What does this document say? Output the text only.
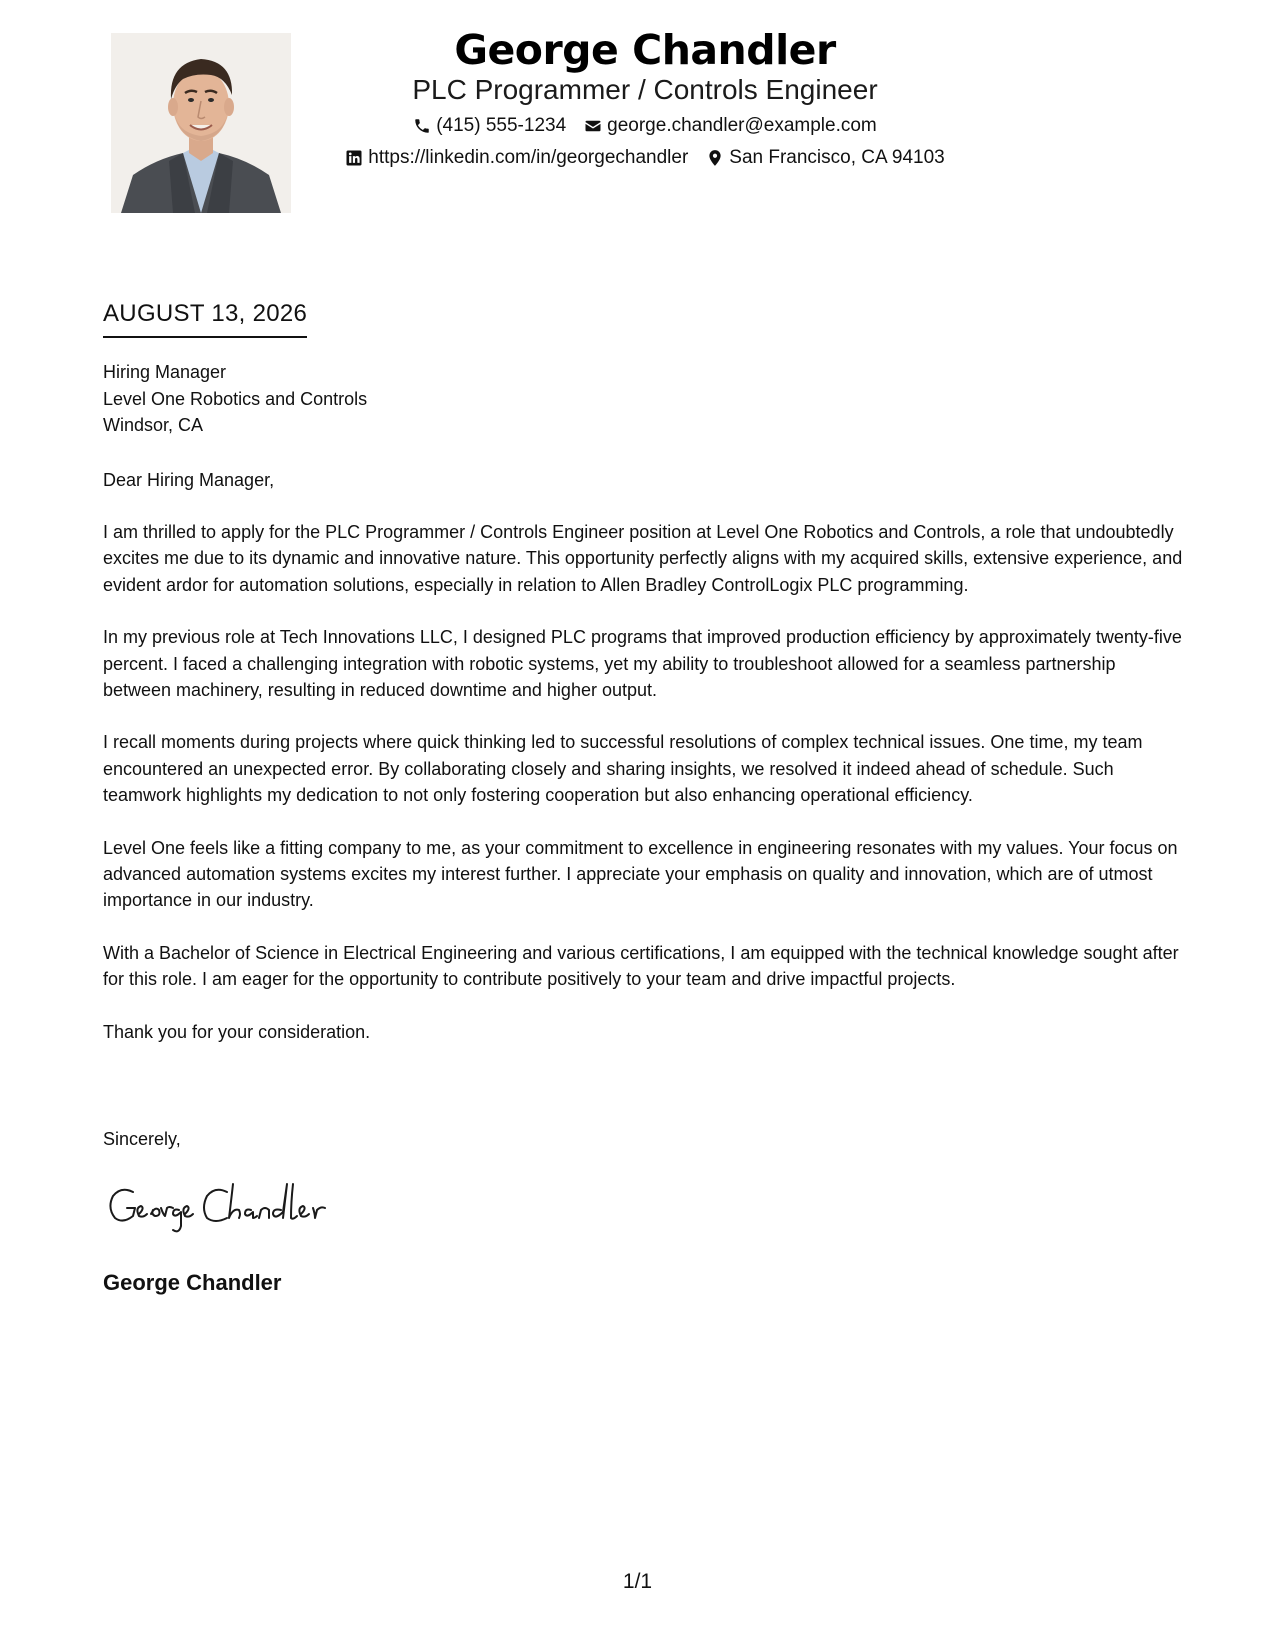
George Chandler
PLC Programmer / Controls Engineer
(415) 555-1234 george.chandler@example.com
https://linkedin.com/in/georgechandler San Francisco, CA 94103
AUGUST 13, 2026
Hiring Manager
Level One Robotics and Controls
Windsor, CA

Dear Hiring Manager,

I am thrilled to apply for the PLC Programmer / Controls Engineer position at Level One Robotics and Controls, a role that undoubtedly excites me due to its dynamic and innovative nature. This opportunity perfectly aligns with my acquired skills, extensive experience, and evident ardor for automation solutions, especially in relation to Allen Bradley ControlLogix PLC programming.

In my previous role at Tech Innovations LLC, I designed PLC programs that improved production efficiency by approximately twenty-five percent. I faced a challenging integration with robotic systems, yet my ability to troubleshoot allowed for a seamless partnership between machinery, resulting in reduced downtime and higher output.

I recall moments during projects where quick thinking led to successful resolutions of complex technical issues. One time, my team encountered an unexpected error. By collaborating closely and sharing insights, we resolved it indeed ahead of schedule. Such teamwork highlights my dedication to not only fostering cooperation but also enhancing operational efficiency.

Level One feels like a fitting company to me, as your commitment to excellence in engineering resonates with my values. Your focus on advanced automation systems excites my interest further. I appreciate your emphasis on quality and innovation, which are of utmost importance in our industry.

With a Bachelor of Science in Electrical Engineering and various certifications, I am equipped with the technical knowledge sought after for this role. I am eager for the opportunity to contribute positively to your team and drive impactful projects.

Thank you for your consideration.

Sincerely,
George Chandler
1/1
